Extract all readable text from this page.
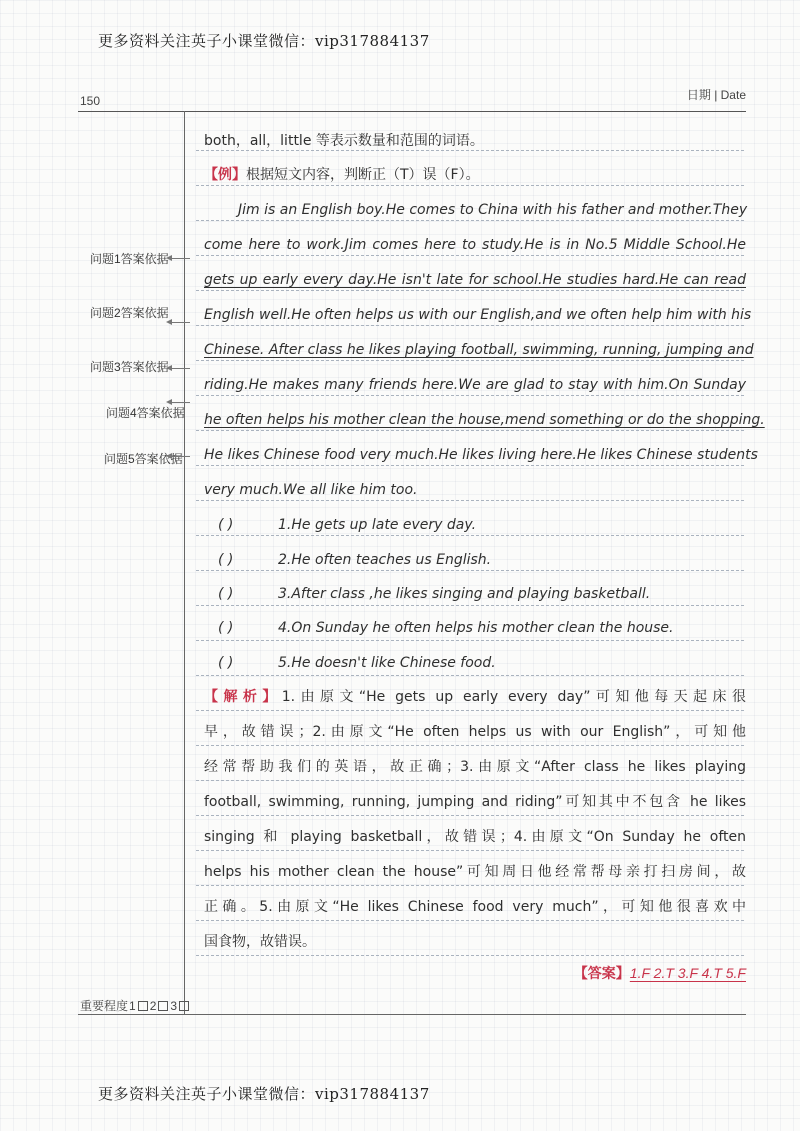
更多资料关注英子小课堂微信：vip317884137
150	日期 | Date
both，all，little 等表示数量和范围的词语。
【例】根据短文内容，判断正（T）误（F）。
Jim is an English boy.He comes to China with his father and mother.They
come here to work.Jim comes here to study.He is in No.5 Middle School.He
gets up early every day.He isn't late for school.He studies hard.He can read
English well.He often helps us with our English,and we often help him with his
Chinese. After class he likes playing football, swimming, running, jumping and
riding.He makes many friends here.We are glad to stay with him.On Sunday
he often helps his mother clean the house,mend something or do the shopping.
He likes Chinese food very much.He likes living here.He likes Chinese students
very much.We all like him too.
问题1答案依据
问题2答案依据
问题3答案依据
问题4答案依据
问题5答案依据
( )	1.He gets up late every day.
( )	2.He often teaches us English.
( )	3.After class ,he likes singing and playing basketball.
( )	4.On Sunday he often helps his mother clean the house.
( )	5.He doesn't like Chinese food.
【解析】1.由原文“He gets up early every day”可知他每天起床很
早，故错误；2.由原文“He often helps us with our English”，可知他
经常帮助我们的英语，故正确；3.由原文“After class he likes playing
football, swimming, running, jumping and riding”可知其中不包含 he likes
singing 和 playing basketball，故错误；4.由原文“On Sunday he often
helps his mother clean the house”可知周日他经常帮母亲打扫房间，故
正确。5.由原文“He likes Chinese food very much”，可知他很喜欢中
国食物，故错误。
【答案】1.F 2.T 3.F 4.T 5.F
重要程度 1 2 3
更多资料关注英子小课堂微信：vip317884137
